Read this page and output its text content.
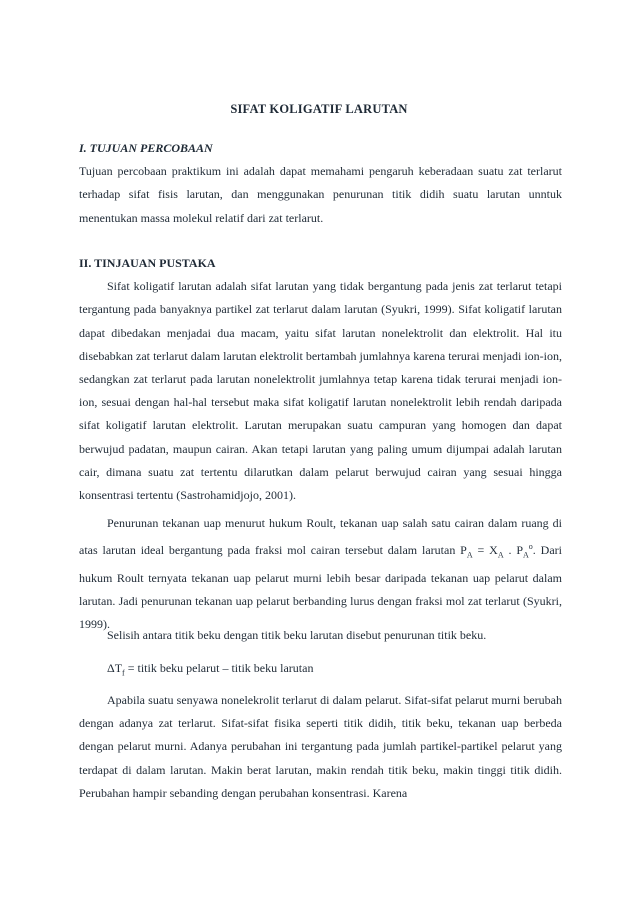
SIFAT KOLIGATIF LARUTAN
I. TUJUAN PERCOBAAN

Tujuan percobaan praktikum ini adalah dapat memahami pengaruh keberadaan suatu zat terlarut terhadap sifat fisis larutan, dan menggunakan penurunan titik didih suatu larutan unntuk menentukan massa molekul relatif dari zat terlarut.

II. TINJAUAN PUSTAKA

Sifat koligatif larutan adalah sifat larutan yang tidak bergantung pada jenis zat terlarut tetapi tergantung pada banyaknya partikel zat terlarut dalam larutan (Syukri, 1999). Sifat koligatif larutan dapat dibedakan menjadai dua macam, yaitu sifat larutan nonelektrolit dan elektrolit. Hal itu disebabkan zat terlarut dalam larutan elektrolit bertambah jumlahnya karena terurai menjadi ion-ion, sedangkan zat terlarut pada larutan nonelektrolit jumlahnya tetap karena tidak terurai menjadi ion-ion, sesuai dengan hal-hal tersebut maka sifat koligatif larutan nonelektrolit lebih rendah daripada sifat koligatif larutan elektrolit. Larutan merupakan suatu campuran yang homogen dan dapat berwujud padatan, maupun cairan. Akan tetapi larutan yang paling umum dijumpai adalah larutan cair, dimana suatu zat tertentu dilarutkan dalam pelarut berwujud cairan yang sesuai hingga konsentrasi tertentu (Sastrohamidjojo, 2001).

Penurunan tekanan uap menurut hukum Roult, tekanan uap salah satu cairan dalam ruang di atas larutan ideal bergantung pada fraksi mol cairan tersebut dalam larutan $P_A = X_A$ . $P_A^o$. Dari hukum Roult ternyata tekanan uap pelarut murni lebih besar daripada tekanan uap pelarut dalam larutan. Jadi penurunan tekanan uap pelarut berbanding lurus dengan fraksi mol zat terlarut (Syukri, 1999).

Selisih antara titik beku dengan titik beku larutan disebut penurunan titik beku.

$\Delta T_f$ = titik beku pelarut – titik beku larutan

Apabila suatu senyawa nonelekrolit terlarut di dalam pelarut. Sifat-sifat pelarut murni berubah dengan adanya zat terlarut. Sifat-sifat fisika seperti titik didih, titik beku, tekanan uap berbeda dengan pelarut murni. Adanya perubahan ini tergantung pada jumlah partikel-partikel pelarut yang terdapat di dalam larutan. Makin berat larutan, makin rendah titik beku, makin tinggi titik didih. Perubahan hampir sebanding dengan perubahan konsentrasi. Karena
